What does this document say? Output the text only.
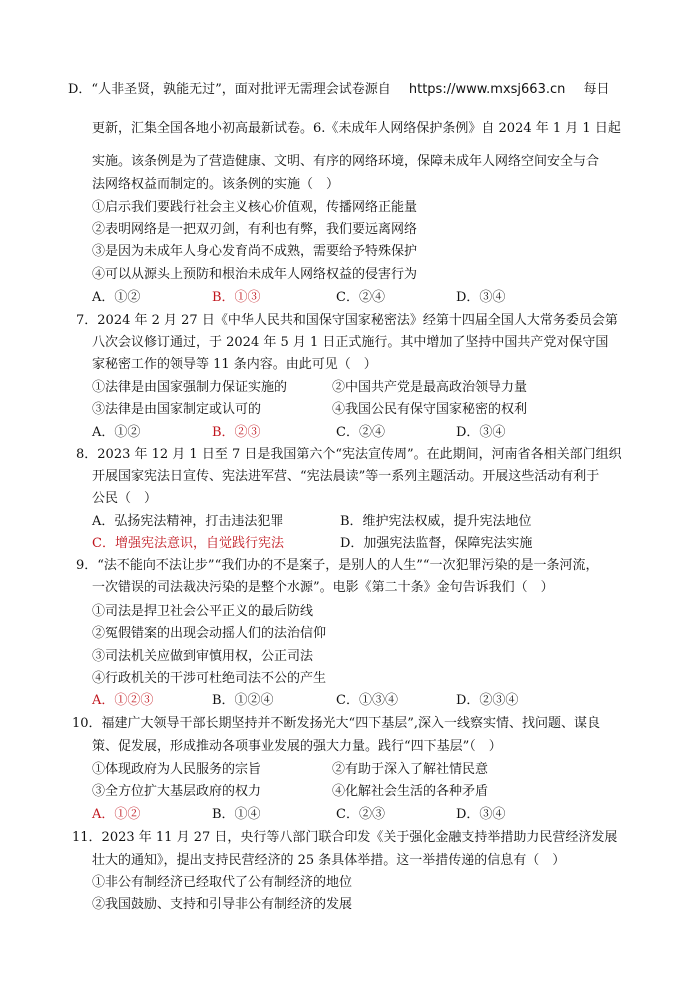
D．“人非圣贤，孰能无过”，面对批评无需理会试卷源自 https://www.mxsj663.cn 每日
更新，汇集全国各地小初高最新试卷。6.《未成年人网络保护条例》自 2024 年 1 月 1 日起
实施。该条例是为了营造健康、文明、有序的网络环境，保障未成年人网络空间安全与合
法网络权益而制定的。该条例的实施（　）
①启示我们要践行社会主义核心价值观，传播网络正能量
②表明网络是一把双刃剑，有利也有弊，我们要远离网络
③是因为未成年人身心发育尚不成熟，需要给予特殊保护
④可以从源头上预防和根治未成年人网络权益的侵害行为
A．①②	B．①③	C．②④	D．③④
7．2024 年 2 月 27 日《中华人民共和国保守国家秘密法》经第十四届全国人大常务委员会第
八次会议修订通过，于 2024 年 5 月 1 日正式施行。其中增加了坚持中国共产党对保守国
家秘密工作的领导等 11 条内容。由此可见（　）
①法律是由国家强制力保证实施的	②中国共产党是最高政治领导力量
③法律是由国家制定或认可的	④我国公民有保守国家秘密的权利
A．①②	B．②③	C．②④	D．③④
8．2023 年 12 月 1 日至 7 日是我国第六个“宪法宣传周”。在此期间，河南省各相关部门组织
开展国家宪法日宣传、宪法进军营、“宪法晨读”等一系列主题活动。开展这些活动有利于
公民（　）
A．弘扬宪法精神，打击违法犯罪	B．维护宪法权威，提升宪法地位
C．增强宪法意识，自觉践行宪法	D．加强宪法监督，保障宪法实施
9．“法不能向不法让步”“我们办的不是案子，是别人的人生”“一次犯罪污染的是一条河流，
一次错误的司法裁决污染的是整个水源”。电影《第二十条》金句告诉我们（　）
①司法是捍卫社会公平正义的最后防线
②冤假错案的出现会动摇人们的法治信仰
③司法机关应做到审慎用权，公正司法
④行政机关的干涉可杜绝司法不公的产生
A．①②③	B．①②④	C．①③④	D．②③④
10．福建广大领导干部长期坚持并不断发扬光大“四下基层”,深入一线察实情、找问题、谋良
策、促发展，形成推动各项事业发展的强大力量。践行“四下基层”（　）
①体现政府为人民服务的宗旨	②有助于深入了解社情民意
③全方位扩大基层政府的权力	④化解社会生活的各种矛盾
A．①②	B．①④	C．②③	D．③④
11．2023 年 11 月 27 日，央行等八部门联合印发《关于强化金融支持举措助力民营经济发展
壮大的通知》，提出支持民营经济的 25 条具体举措。这一举措传递的信息有（　）
①非公有制经济已经取代了公有制经济的地位
②我国鼓励、支持和引导非公有制经济的发展
